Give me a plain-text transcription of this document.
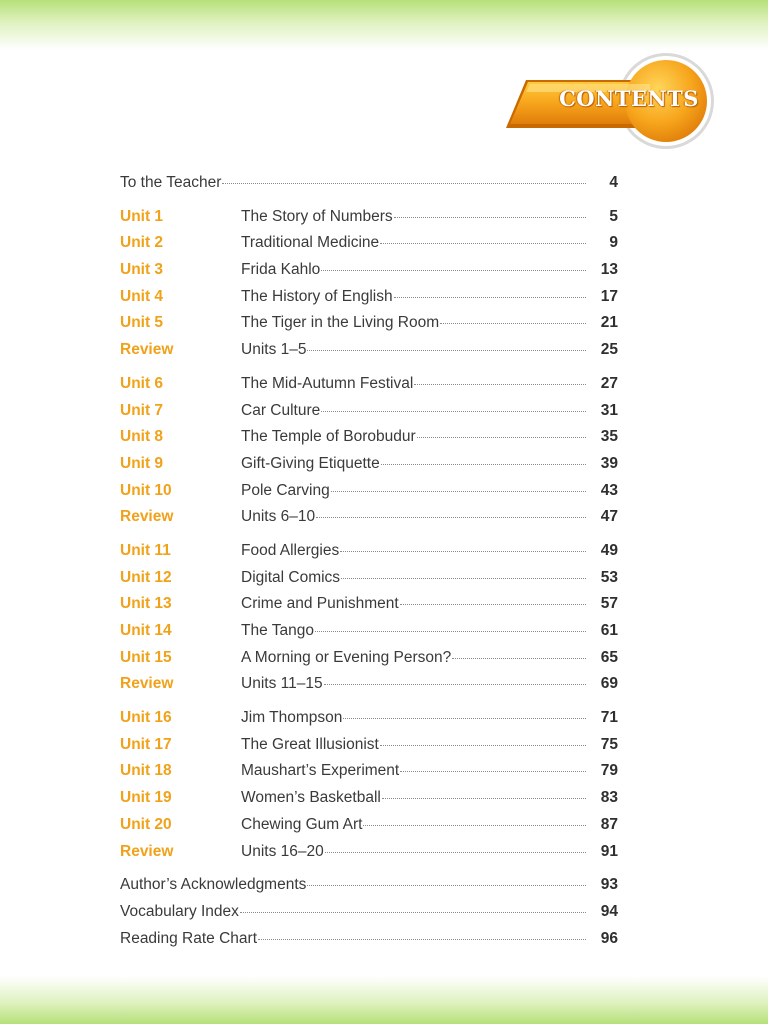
CONTENTS
To the Teacher	4
Unit 1	The Story of Numbers	5
Unit 2	Traditional Medicine	9
Unit 3	Frida Kahlo	13
Unit 4	The History of English	17
Unit 5	The Tiger in the Living Room	21
Review	Units 1–5	25
Unit 6	The Mid-Autumn Festival	27
Unit 7	Car Culture	31
Unit 8	The Temple of Borobudur	35
Unit 9	Gift-Giving Etiquette	39
Unit 10	Pole Carving	43
Review	Units 6–10	47
Unit 11	Food Allergies	49
Unit 12	Digital Comics	53
Unit 13	Crime and Punishment	57
Unit 14	The Tango	61
Unit 15	A Morning or Evening Person?	65
Review	Units 11–15	69
Unit 16	Jim Thompson	71
Unit 17	The Great Illusionist	75
Unit 18	Maushart’s Experiment	79
Unit 19	Women’s Basketball	83
Unit 20	Chewing Gum Art	87
Review	Units 16–20	91
Author’s Acknowledgments	93
Vocabulary Index	94
Reading Rate Chart	96
